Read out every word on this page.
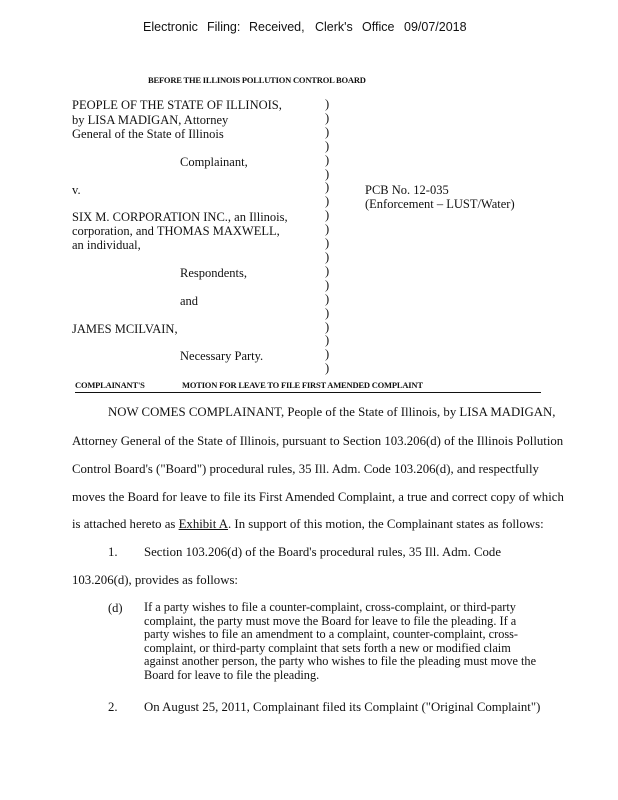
Electronic Filing: Received, Clerk's Office 09/07/2018
BEFORE THE ILLINOIS POLLUTION CONTROL BOARD
PEOPLE OF THE STATE OF ILLINOIS,
by LISA MADIGAN, Attorney
General of the State of Illinois
Complainant,
v.
SIX M. CORPORATION INC., an Illinois,
corporation, and THOMAS MAXWELL,
an individual,
Respondents,
and
JAMES MCILVAIN,
Necessary Party.
)
)
)
)
)
)
)
)
)
)
)
)
)
)
)
)
)
)
)
)
PCB No. 12-035
(Enforcement – LUST/Water)
COMPLAINANT'S	MOTION FOR LEAVE TO FILE FIRST AMENDED COMPLAINT
NOW COMES COMPLAINANT, People of the State of Illinois, by LISA MADIGAN,
Attorney General of the State of Illinois, pursuant to Section 103.206(d) of the Illinois Pollution
Control Board's ("Board") procedural rules, 35 Ill. Adm. Code 103.206(d), and respectfully
moves the Board for leave to file its First Amended Complaint, a true and correct copy of which
is attached hereto as Exhibit A. In support of this motion, the Complainant states as follows:
1. Section 103.206(d) of the Board's procedural rules, 35 Ill. Adm. Code
103.206(d), provides as follows:
(d) If a party wishes to file a counter-complaint, cross-complaint, or third-party complaint, the party must move the Board for leave to file the pleading. If a party wishes to file an amendment to a complaint, counter-complaint, cross-complaint, or third-party complaint that sets forth a new or modified claim against another person, the party who wishes to file the pleading must move the Board for leave to file the pleading.
2. On August 25, 2011, Complainant filed its Complaint ("Original Complaint")
